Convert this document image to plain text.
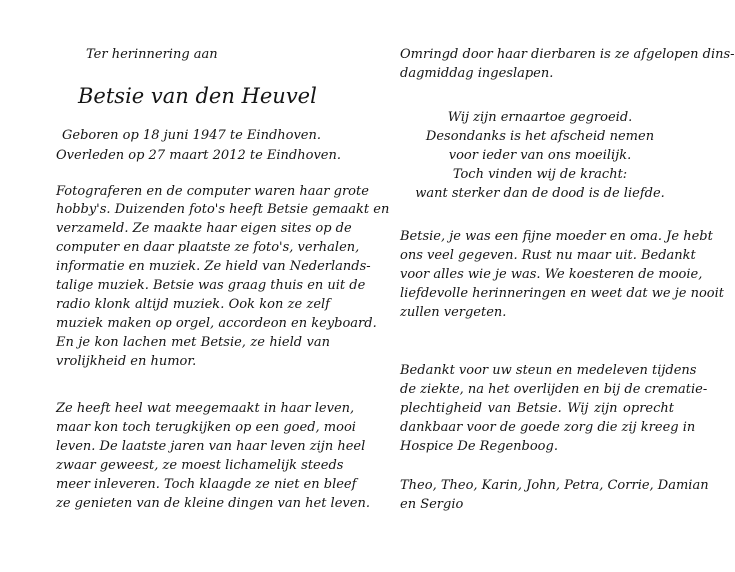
Ter herinnering aan
Betsie van den Heuvel
Geboren op 18 juni 1947 te Eindhoven.
Overleden op 27 maart 2012 te Eindhoven.
Fotograferen en de computer waren haar grote
hobby's. Duizenden foto's heeft Betsie gemaakt en
verzameld. Ze maakte haar eigen sites op de
computer en daar plaatste ze foto's, verhalen,
informatie en muziek. Ze hield van Nederlands-
talige muziek. Betsie was graag thuis en uit de
radio klonk altijd muziek. Ook kon ze zelf
muziek maken op orgel, accordeon en keyboard.
En je kon lachen met Betsie, ze hield van
vrolijkheid en humor.
Ze heeft heel wat meegemaakt in haar leven,
maar kon toch terugkijken op een goed, mooi
leven. De laatste jaren van haar leven zijn heel
zwaar geweest, ze moest lichamelijk steeds
meer inleveren. Toch klaagde ze niet en bleef
ze genieten van de kleine dingen van het leven.
Omringd door haar dierbaren is ze afgelopen dins-
dagmiddag ingeslapen.
Wij zijn ernaartoe gegroeid.
Desondanks is het afscheid nemen
voor ieder van ons moeilijk.
Toch vinden wij de kracht:
want sterker dan de dood is de liefde.
Betsie, je was een fijne moeder en oma. Je hebt
ons veel gegeven. Rust nu maar uit. Bedankt
voor alles wie je was. We koesteren de mooie,
liefdevolle herinneringen en weet dat we je nooit
zullen vergeten.
Bedankt voor uw steun en medeleven tijdens
de ziekte, na het overlijden en bij de crematie-
plechtigheid van Betsie. Wij zijn oprecht
dankbaar voor de goede zorg die zij kreeg in
Hospice De Regenboog.
Theo, Theo, Karin, John, Petra, Corrie, Damian
en Sergio
